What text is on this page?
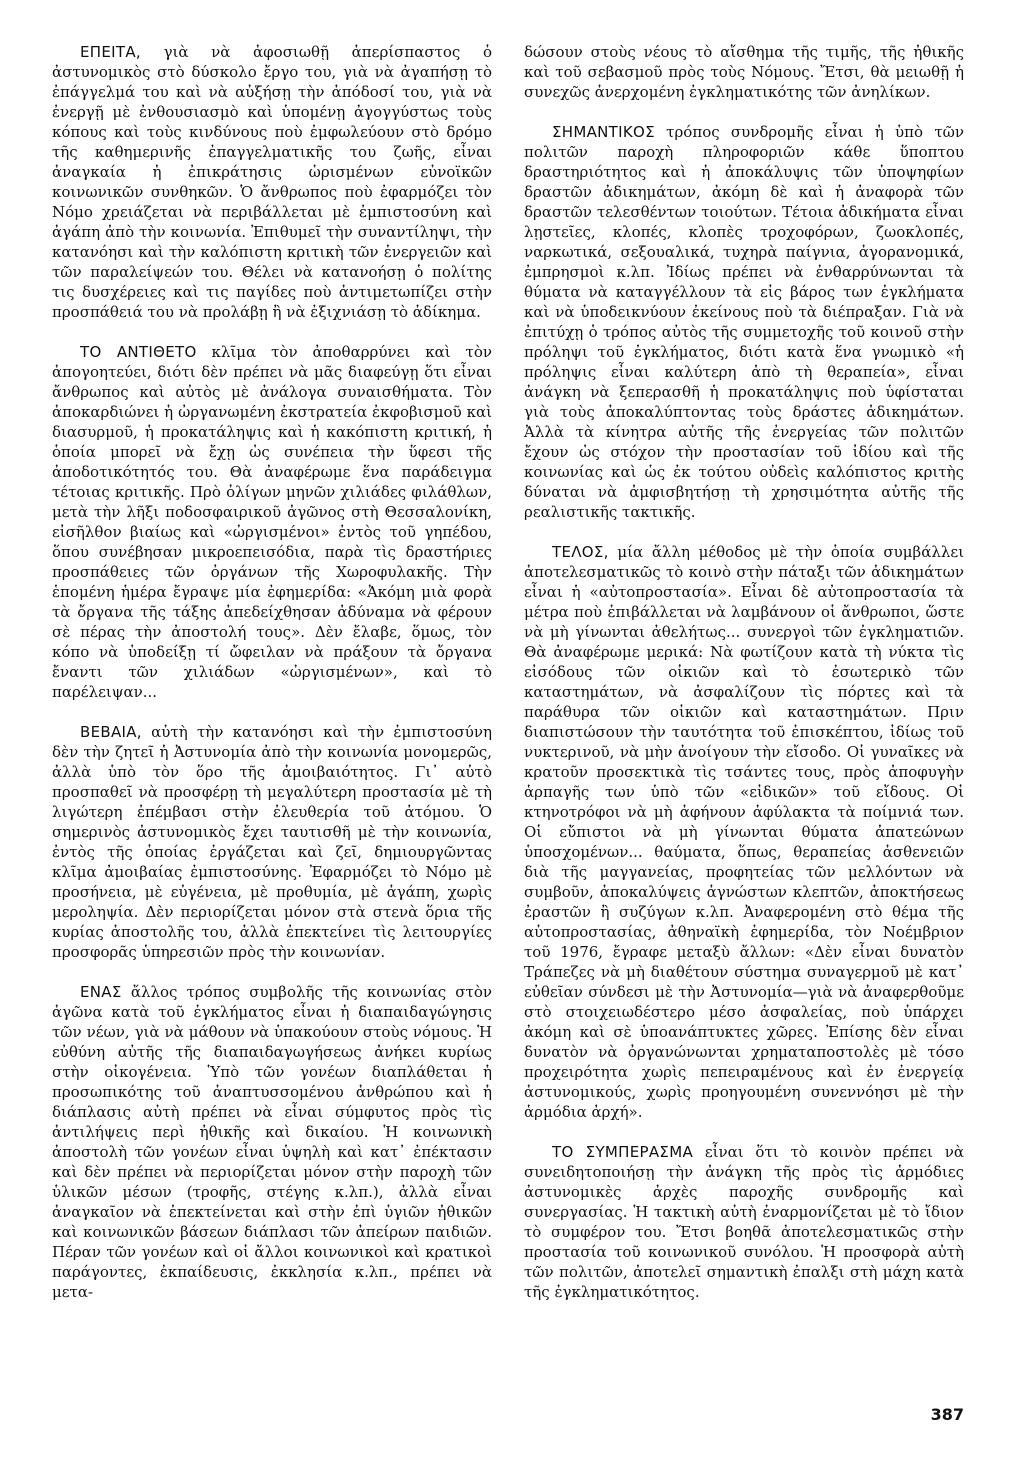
ΕΠΕΙΤΑ, γιὰ νὰ ἀφοσιωθῇ ἀπερίσπαστος ὁ ἀστυνομικὸς στὸ δύσκολο ἔργο του, γιὰ νὰ ἀγαπήσῃ τὸ ἐπάγγελμά του καὶ νὰ αὐξήσῃ τὴν ἀπόδοσί του, γιὰ νὰ ἐνεργῇ μὲ ἐνθουσιασμὸ καὶ ὑπομένῃ ἀγογγύστως τοὺς κόπους καὶ τοὺς κινδύνους ποὺ ἐμφωλεύουν στὸ δρόμο τῆς καθημερινῆς ἐπαγγελματικῆς του ζωῆς, εἶναι ἀναγκαία ἡ ἐπικράτησις ὡρισμένων εὐνοϊκῶν κοινωνικῶν συνθηκῶν. Ὁ ἄνθρωπος ποὺ ἐφαρμόζει τὸν Νόμο χρειάζεται νὰ περιβάλλεται μὲ ἐμπιστοσύνη καὶ ἀγάπη ἀπὸ τὴν κοινωνία. Ἐπιθυμεῖ τὴν συναντίληψι, τὴν κατανόησι καὶ τὴν καλόπιστη κριτικὴ τῶν ἐνεργειῶν καὶ τῶν παραλείψεών του. Θέλει νὰ κατανοήσῃ ὁ πολίτης τις δυσχέρειες καὶ τις παγίδες ποὺ ἀντιμετωπίζει στὴν προσπάθειά του νὰ προλάβῃ ἢ νὰ ἐξιχνιάσῃ τὸ ἀδίκημα.

ΤΟ ΑΝΤΙΘΕΤΟ κλῖμα τὸν ἀποθαρρύνει καὶ τὸν ἀπογοητεύει, διότι δὲν πρέπει νὰ μᾶς διαφεύγῃ ὅτι εἶναι ἄνθρωπος καὶ αὐτὸς μὲ ἀνάλογα συναισθήματα. Τὸν ἀποκαρδιώνει ἡ ὠργανωμένη ἐκστρατεία ἐκφοβισμοῦ καὶ διασυρμοῦ, ἡ προκατάληψις καὶ ἡ κακόπιστη κριτική, ἡ ὁποία μπορεῖ νὰ ἔχῃ ὡς συνέπεια τὴν ὕφεσι τῆς ἀποδοτικότητός του. Θὰ ἀναφέρωμε ἕνα παράδειγμα τέτοιας κριτικῆς. Πρὸ ὀλίγων μηνῶν χιλιάδες φιλάθλων, μετὰ τὴν λῆξι ποδοσφαιρικοῦ ἀγῶνος στὴ Θεσσαλονίκη, εἰσῆλθον βιαίως καὶ «ὠργισμένοι» ἐντὸς τοῦ γηπέδου, ὅπου συνέβησαν μικροεπεισόδια, παρὰ τὶς δραστήριες προσπάθειες τῶν ὀργάνων τῆς Χωροφυλακῆς. Τὴν ἑπομένη ἡμέρα ἔγραψε μία ἐφημερίδα: «Ἀκόμη μιὰ φορὰ τὰ ὄργανα τῆς τάξης ἀπεδείχθησαν ἀδύναμα νὰ φέρουν σὲ πέρας τὴν ἀποστολή τους». Δὲν ἔλαβε, ὅμως, τὸν κόπο νὰ ὑποδείξῃ τί ὤφειλαν νὰ πράξουν τὰ ὄργανα ἔναντι τῶν χιλιάδων «ὠργισμένων», καὶ τὸ παρέλειψαν...

ΒΕΒΑΙΑ, αὐτὴ τὴν κατανόησι καὶ τὴν ἐμπιστοσύνη δὲν τὴν ζητεῖ ἡ Ἀστυνομία ἀπὸ τὴν κοινωνία μονομερῶς, ἀλλὰ ὑπὸ τὸν ὅρο τῆς ἀμοιβαιότητος. Γι᾽ αὐτὸ προσπαθεῖ νὰ προσφέρῃ τὴ μεγαλύτερη προστασία μὲ τὴ λιγώτερη ἐπέμβασι στὴν ἐλευθερία τοῦ ἀτόμου. Ὁ σημερινὸς ἀστυνομικὸς ἔχει ταυτισθῆ μὲ τὴν κοινωνία, ἐντὸς τῆς ὁποίας ἐργάζεται καὶ ζεῖ, δημιουργῶντας κλῖμα ἀμοιβαίας ἐμπιστοσύνης. Ἐφαρμόζει τὸ Νόμο μὲ προσήνεια, μὲ εὐγένεια, μὲ προθυμία, μὲ ἀγάπη, χωρὶς μεροληψία. Δὲν περιορίζεται μόνον στὰ στενὰ ὅρια τῆς κυρίας ἀποστολῆς του, ἀλλὰ ἐπεκτείνει τὶς λειτουργίες προσφορᾶς ὑπηρεσιῶν πρὸς τὴν κοινωνίαν.

ΕΝΑΣ ἄλλος τρόπος συμβολῆς τῆς κοινωνίας στὸν ἀγῶνα κατὰ τοῦ ἐγκλήματος εἶναι ἡ διαπαιδαγώγησις τῶν νέων, γιὰ νὰ μάθουν νὰ ὑπακούουν στοὺς νόμους. Ἡ εὐθύνη αὐτῆς τῆς διαπαιδαγωγήσεως ἀνήκει κυρίως στὴν οἰκογένεια. Ὑπὸ τῶν γονέων διαπλάθεται ἡ προσωπικότης τοῦ ἀναπτυσσομένου ἀνθρώπου καὶ ἡ διάπλασις αὐτὴ πρέπει νὰ εἶναι σύμφυτος πρὸς τὶς ἀντιλήψεις περὶ ἠθικῆς καὶ δικαίου. Ἡ κοινωνικὴ ἀποστολὴ τῶν γονέων εἶναι ὑψηλὴ καὶ κατ᾽ ἐπέκτασιν καὶ δὲν πρέπει νὰ περιορίζεται μόνον στὴν παροχὴ τῶν ὑλικῶν μέσων (τροφῆς, στέγης κ.λπ.), ἀλλὰ εἶναι ἀναγκαῖον νὰ ἐπεκτείνεται καὶ στὴν ἐπὶ ὑγιῶν ἠθικῶν καὶ κοινωνικῶν βάσεων διάπλασι τῶν ἀπείρων παιδιῶν. Πέραν τῶν γονέων καὶ οἱ ἄλλοι κοινωνικοὶ καὶ κρατικοὶ παράγοντες, ἐκπαίδευσις, ἐκκλησία κ.λπ., πρέπει νὰ μετα-

δώσουν στοὺς νέους τὸ αἴσθημα τῆς τιμῆς, τῆς ἠθικῆς καὶ τοῦ σεβασμοῦ πρὸς τοὺς Νόμους. Ἔτσι, θὰ μειωθῇ ἡ συνεχῶς ἀνερχομένη ἐγκληματικότης τῶν ἀνηλίκων.

ΣΗΜΑΝΤΙΚΟΣ τρόπος συνδρομῆς εἶναι ἡ ὑπὸ τῶν πολιτῶν παροχὴ πληροφοριῶν κάθε ὕποπτου δραστηριότητος καὶ ἡ ἀποκάλυψις τῶν ὑποψηφίων δραστῶν ἀδικημάτων, ἀκόμη δὲ καὶ ἡ ἀναφορὰ τῶν δραστῶν τελεσθέντων τοιούτων. Τέτοια ἀδικήματα εἶναι λῃστεῖες, κλοπές, κλοπὲς τροχοφόρων, ζωοκλοπές, ναρκωτικά, σεξουαλικά, τυχηρὰ παίγνια, ἀγορανομικά, ἐμπρησμοὶ κ.λπ. Ἰδίως πρέπει νὰ ἐνθαρρύνωνται τὰ θύματα νὰ καταγγέλλουν τὰ εἰς βάρος των ἐγκλήματα καὶ νὰ ὑποδεικνύουν ἐκείνους ποὺ τὰ διέπραξαν. Γιὰ νὰ ἐπιτύχῃ ὁ τρόπος αὐτὸς τῆς συμμετοχῆς τοῦ κοινοῦ στὴν πρόληψι τοῦ ἐγκλήματος, διότι κατὰ ἕνα γνωμικὸ «ἡ πρόληψις εἶναι καλύτερη ἀπὸ τὴ θεραπεία», εἶναι ἀνάγκη νὰ ξεπερασθῆ ἡ προκατάληψις ποὺ ὑφίσταται γιὰ τοὺς ἀποκαλύπτοντας τοὺς δράστες ἀδικημάτων. Ἀλλὰ τὰ κίνητρα αὐτῆς τῆς ἐνεργείας τῶν πολιτῶν ἔχουν ὡς στόχον τὴν προστασίαν τοῦ ἰδίου καὶ τῆς κοινωνίας καὶ ὡς ἐκ τούτου οὐδεὶς καλόπιστος κριτὴς δύναται νὰ ἀμφισβητήσῃ τὴ χρησιμότητα αὐτῆς τῆς ρεαλιστικῆς τακτικῆς.

ΤΕΛΟΣ, μία ἄλλη μέθοδος μὲ τὴν ὁποία συμβάλλει ἀποτελεσματικῶς τὸ κοινὸ στὴν πάταξι τῶν ἀδικημάτων εἶναι ἡ «αὐτοπροστασία». Εἶναι δὲ αὐτοπροστασία τὰ μέτρα ποὺ ἐπιβάλλεται νὰ λαμβάνουν οἱ ἄνθρωποι, ὥστε νὰ μὴ γίνωνται ἀθελήτως... συνεργοὶ τῶν ἐγκληματιῶν. Θὰ ἀναφέρωμε μερικά: Νὰ φωτίζουν κατὰ τὴ νύκτα τὶς εἰσόδους τῶν οἰκιῶν καὶ τὸ ἐσωτερικὸ τῶν καταστημάτων, νὰ ἀσφαλίζουν τὶς πόρτες καὶ τὰ παράθυρα τῶν οἰκιῶν καὶ καταστημάτων. Πριν διαπιστώσουν τὴν ταυτότητα τοῦ ἐπισκέπτου, ἰδίως τοῦ νυκτερινοῦ, νὰ μὴν ἀνοίγουν τὴν εἴσοδο. Οἱ γυναῖκες νὰ κρατοῦν προσεκτικὰ τὶς τσάντες τους, πρὸς ἀποφυγὴν ἁρπαγῆς των ὑπὸ τῶν «εἰδικῶν» τοῦ εἴδους. Οἱ κτηνοτρόφοι νὰ μὴ ἀφήνουν ἀφύλακτα τὰ ποίμνιά των. Οἱ εὔπιστοι νὰ μὴ γίνωνται θύματα ἀπατεώνων ὑποσχομένων... θαύματα, ὅπως, θεραπείας ἀσθενειῶν διὰ τῆς μαγγανείας, προφητείας τῶν μελλόντων νὰ συμβοῦν, ἀποκαλύψεις ἀγνώστων κλεπτῶν, ἀποκτήσεως ἐραστῶν ἢ συζύγων κ.λπ. Ἀναφερομένη στὸ θέμα τῆς αὐτοπροστασίας, ἀθηναϊκὴ ἐφημερίδα, τὸν Νοέμβριον τοῦ 1976, ἔγραφε μεταξὺ ἄλλων: «Δὲν εἶναι δυνατὸν Τράπεζες νὰ μὴ διαθέτουν σύστημα συναγερμοῦ μὲ κατ᾽ εὐθεῖαν σύνδεσι μὲ τὴν Ἀστυνομία—γιὰ νὰ ἀναφερθοῦμε στὸ στοιχειωδέστερο μέσο ἀσφαλείας, ποὺ ὑπάρχει ἀκόμη καὶ σὲ ὑποανάπτυκτες χῶρες. Ἐπίσης δὲν εἶναι δυνατὸν νὰ ὀργανώνωνται χρηματαποστολὲς μὲ τόσο προχειρότητα χωρὶς πεπειραμένους καὶ ἐν ἐνεργείᾳ ἀστυνομικούς, χωρὶς προηγουμένη συνεννόησι μὲ τὴν ἁρμόδια ἀρχή».

ΤΟ ΣΥΜΠΕΡΑΣΜΑ εἶναι ὅτι τὸ κοινὸν πρέπει νὰ συνειδητοποιήσῃ τὴν ἀνάγκη τῆς πρὸς τὶς ἁρμόδιες ἀστυνομικὲς ἀρχὲς παροχῆς συνδρομῆς καὶ συνεργασίας. Ἡ τακτικὴ αὐτὴ ἐναρμονίζεται μὲ τὸ ἴδιον τὸ συμφέρον του. Ἔτσι βοηθᾶ ἀποτελεσματικῶς στὴν προστασία τοῦ κοινωνικοῦ συνόλου. Ἡ προσφορὰ αὐτὴ τῶν πολιτῶν, ἀποτελεῖ σημαντικὴ ἐπαλξι στὴ μάχη κατὰ τῆς ἐγκληματικότητος.

387
